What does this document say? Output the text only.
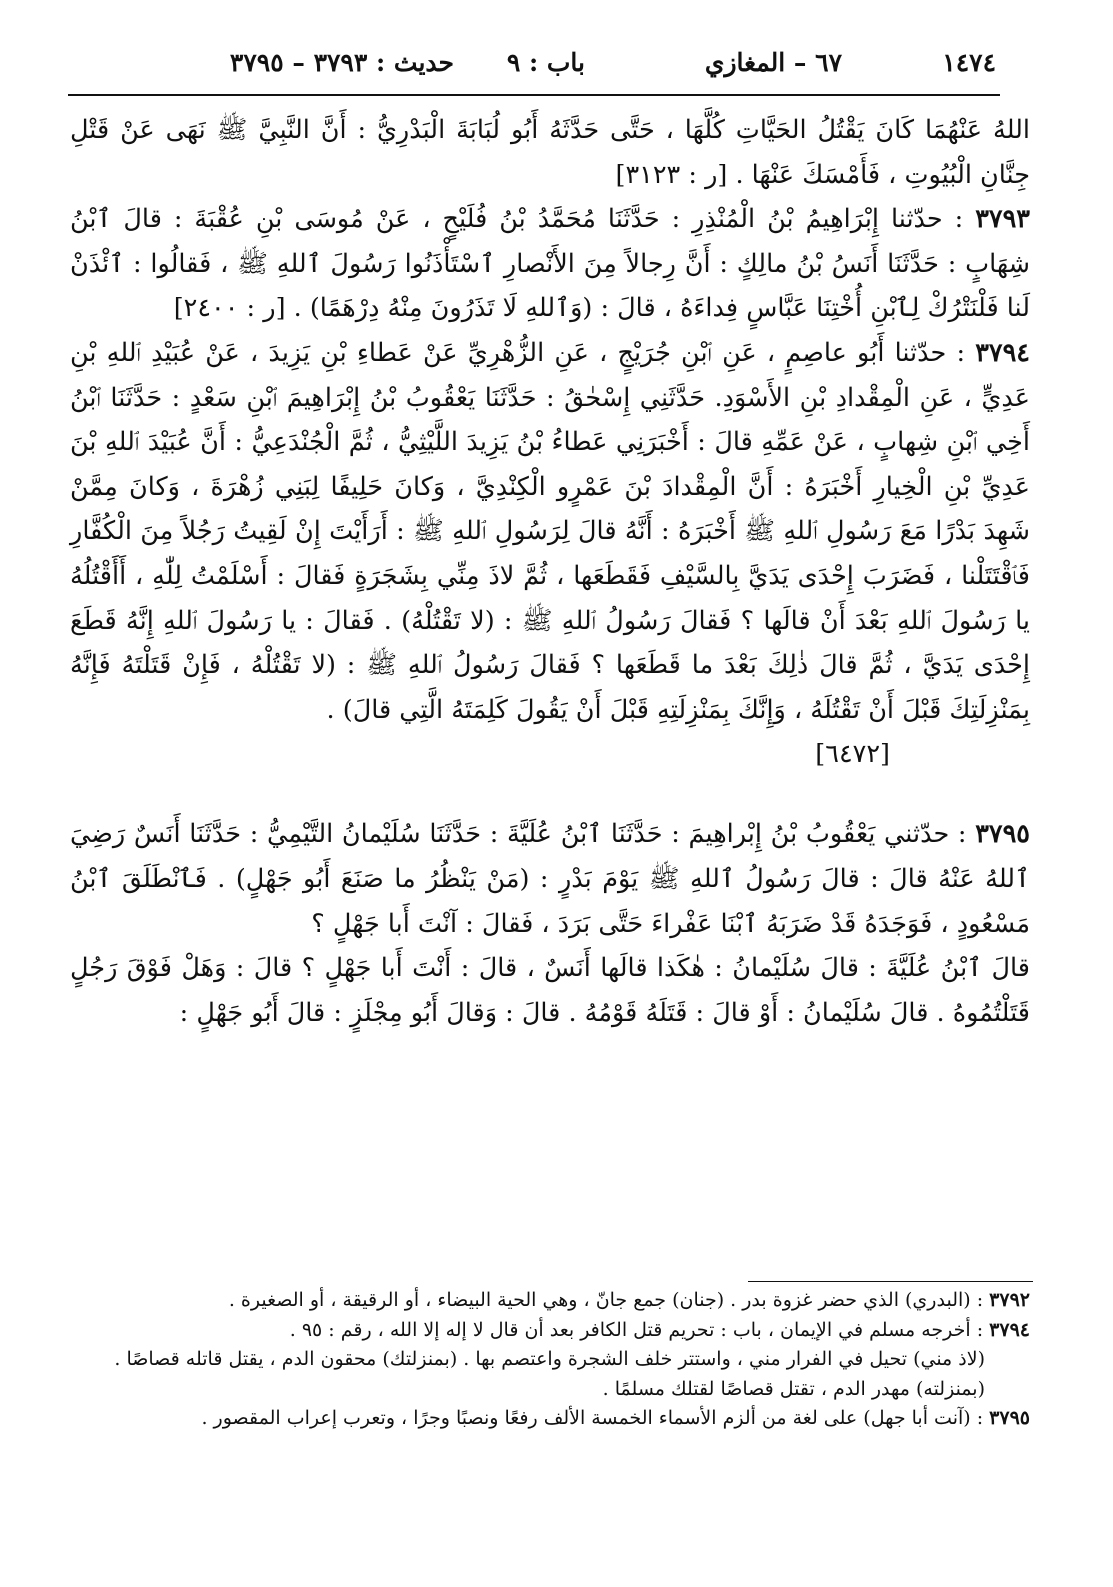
١٤٧٤
٦٧ – المغازي
باب : ٩
حديث : ٣٧٩٣ – ٣٧٩٥

اللهُ عَنْهُمَا كَانَ يَقْتُلُ الحَيَّاتِ كُلَّهَا ، حَتَّى حَدَّثَهُ أَبُو لُبَابَةَ الْبَدْرِيُّ : أَنَّ النَّبِيَّ ﷺ نَهَى عَنْ قَتْلِ جِنَّانِ الْبُيُوتِ ، فَأَمْسَكَ عَنْهَا . [ر : ٣١٢٣]

٣٧٩٣ : حدّثنا إِبْرَاهِيمُ بْنُ الْمُنْذِرِ : حَدَّثَنَا مُحَمَّدُ بْنُ فُلَيْحٍ ، عَنْ مُوسَى بْنِ عُقْبَةَ : قالَ ٱبْنُ شِهَابٍ : حَدَّثَنَا أَنَسُ بْنُ مالِكٍ : أَنَّ رِجالاً مِنَ الأَنْصارِ ٱسْتَأْذَنُوا رَسُولَ ٱللهِ ﷺ ، فَقالُوا : ٱئْذَنْ لَنا فَلْنَتْرُكْ لِٱبْنِ أُخْتِنَا عَبَّاسٍ فِداءَهُ ، قالَ : (وَٱللهِ لَا تَذَرُونَ مِنْهُ دِرْهَمًا) . [ر : ٢٤٠٠]

٣٧٩٤ : حدّثنا أَبُو عاصِمٍ ، عَنِ ٱبْنِ جُرَيْجٍ ، عَنِ الزُّهْرِيِّ عَنْ عَطاءِ بْنِ يَزِيدَ ، عَنْ عُبَيْدِ ٱللهِ بْنِ عَدِيٍّ ، عَنِ الْمِقْدادِ بْنِ الأَسْوَدِ. حَدَّثَنِي إِسْحٰقُ : حَدَّثَنَا يَعْقُوبُ بْنُ إِبْرَاهِيمَ ٱبْنِ سَعْدٍ : حَدَّثَنَا ٱبْنُ أَخِي ٱبْنِ شِهابٍ ، عَنْ عَمِّهِ قالَ : أَخْبَرَنِي عَطاءُ بْنُ يَزِيدَ اللَّيْثِيُّ ، ثُمَّ الْجُنْدَعِيُّ : أَنَّ عُبَيْدَ ٱللهِ بْنَ عَدِيِّ بْنِ الْخِيارِ أَخْبَرَهُ : أَنَّ الْمِقْدادَ بْنَ عَمْرٍو الْكِنْدِيَّ ، وَكانَ حَلِيفًا لِبَنِي زُهْرَةَ ، وَكانَ مِمَّنْ شَهِدَ بَدْرًا مَعَ رَسُولِ ٱللهِ ﷺ أَخْبَرَهُ : أَنَّهُ قالَ لِرَسُولِ ٱللهِ ﷺ : أَرَأَيْتَ إِنْ لَقِيتُ رَجُلاً مِنَ الْكُفَّارِ فَٱقْتَتَلْنا ، فَضَرَبَ إِحْدَى يَدَيَّ بِالسَّيْفِ فَقَطَعَها ، ثُمَّ لاذَ مِنِّي بِشَجَرَةٍ فَقالَ : أَسْلَمْتُ لِلّٰهِ ، أَأَقْتُلُهُ يا رَسُولَ ٱللهِ بَعْدَ أَنْ قالَها ؟ فَقالَ رَسُولُ ٱللهِ ﷺ : (لا تَقْتُلْهُ) . فَقالَ : يا رَسُولَ ٱللهِ إِنَّهُ قَطَعَ إِحْدَى يَدَيَّ ، ثُمَّ قالَ ذٰلِكَ بَعْدَ ما قَطَعَها ؟ فَقالَ رَسُولُ ٱللهِ ﷺ : (لا تَقْتُلْهُ ، فَإِنْ قَتَلْتَهُ فَإِنَّهُ بِمَنْزِلَتِكَ قَبْلَ أَنْ تَقْتُلَهُ ، وَإِنَّكَ بِمَنْزِلَتِهِ قَبْلَ أَنْ يَقُولَ كَلِمَتَهُ الَّتِي قالَ) .

[٦٤٧٢]

٣٧٩٥ : حدّثني يَعْقُوبُ بْنُ إِبْراهِيمَ : حَدَّثَنَا ٱبْنُ عُلَيَّةَ : حَدَّثَنَا سُلَيْمانُ التَّيْمِيُّ : حَدَّثَنَا أَنَسٌ رَضِيَ ٱللهُ عَنْهُ قالَ : قالَ رَسُولُ ٱللهِ ﷺ يَوْمَ بَدْرٍ : (مَنْ يَنْظُرُ ما صَنَعَ أَبُو جَهْلٍ) . فَٱنْطَلَقَ ٱبْنُ مَسْعُودٍ ، فَوَجَدَهُ قَدْ ضَرَبَهُ ٱبْنَا عَفْراءَ حَتَّى بَرَدَ ، فَقالَ : آنْتَ أَبا جَهْلٍ ؟

قالَ ٱبْنُ عُلَيَّةَ : قالَ سُلَيْمانُ : هٰكَذا قالَها أَنَسٌ ، قالَ : أَنْتَ أَبا جَهْلٍ ؟ قالَ : وَهَلْ فَوْقَ رَجُلٍ قَتَلْتُمُوهُ . قالَ سُلَيْمانُ : أَوْ قالَ : قَتَلَهُ قَوْمُهُ . قالَ : وَقالَ أَبُو مِجْلَزٍ : قالَ أَبُو جَهْلٍ :

٣٧٩٢ : (البدري) الذي حضر غزوة بدر . (جنان) جمع جانّ ، وهي الحية البيضاء ، أو الرقيقة ، أو الصغيرة .

٣٧٩٤ : أخرجه مسلم في الإيمان ، باب : تحريم قتل الكافر بعد أن قال لا إله إلا الله ، رقم : ٩٥ .

(لاذ مني) تحيل في الفرار مني ، واستتر خلف الشجرة واعتصم بها . (بمنزلتك) محقون الدم ، يقتل قاتله قصاصًا . (بمنزلته) مهدر الدم ، تقتل قصاصًا لقتلك مسلمًا .

٣٧٩٥ : (آنت أبا جهل) على لغة من ألزم الأسماء الخمسة الألف رفعًا ونصبًا وجرًا ، وتعرب إعراب المقصور .
